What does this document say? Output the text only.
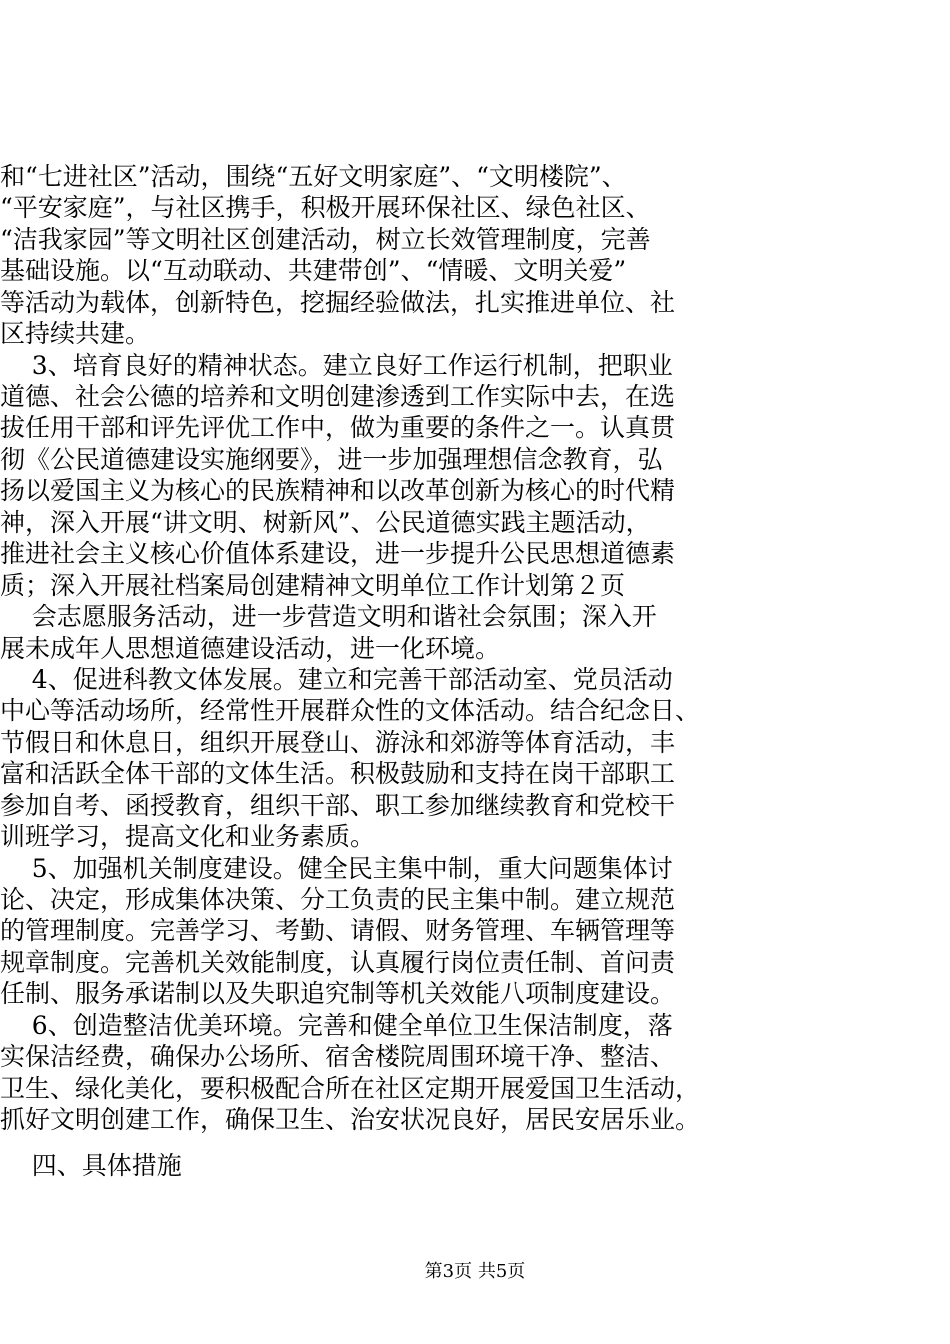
和“七进社区”活动，围绕“五好文明家庭”、“文明楼院”、

“平安家庭”，与社区携手，积极开展环保社区、绿色社区、

“洁我家园”等文明社区创建活动，树立长效管理制度，完善

基础设施。以“互动联动、共建带创”、“情暖、文明关爱”

等活动为载体，创新特色，挖掘经验做法，扎实推进单位、社

区持续共建。

3、培育良好的精神状态。建立良好工作运行机制，把职业

道德、社会公德的培养和文明创建渗透到工作实际中去，在选

拔任用干部和评先评优工作中，做为重要的条件之一。认真贯

彻《公民道德建设实施纲要》，进一步加强理想信念教育，弘

扬以爱国主义为核心的民族精神和以改革创新为核心的时代精

神，深入开展“讲文明、树新风”、公民道德实践主题活动，

推进社会主义核心价值体系建设，进一步提升公民思想道德素

质；深入开展社档案局创建精神文明单位工作计划第２页

会志愿服务活动，进一步营造文明和谐社会氛围；深入开

展未成年人思想道德建设活动，进一化环境。

4、促进科教文体发展。建立和完善干部活动室、党员活动

中心等活动场所，经常性开展群众性的文体活动。结合纪念日、

节假日和休息日，组织开展登山、游泳和郊游等体育活动，丰

富和活跃全体干部的文体生活。积极鼓励和支持在岗干部职工

参加自考、函授教育，组织干部、职工参加继续教育和党校干

训班学习，提高文化和业务素质。

5、加强机关制度建设。健全民主集中制，重大问题集体讨

论、决定，形成集体决策、分工负责的民主集中制。建立规范

的管理制度。完善学习、考勤、请假、财务管理、车辆管理等

规章制度。完善机关效能制度，认真履行岗位责任制、首问责

任制、服务承诺制以及失职追究制等机关效能八项制度建设。

6、创造整洁优美环境。完善和健全单位卫生保洁制度，落

实保洁经费，确保办公场所、宿舍楼院周围环境干净、整洁、

卫生、绿化美化，要积极配合所在社区定期开展爱国卫生活动，

抓好文明创建工作，确保卫生、治安状况良好，居民安居乐业。

四、具体措施

第3页 共5页
